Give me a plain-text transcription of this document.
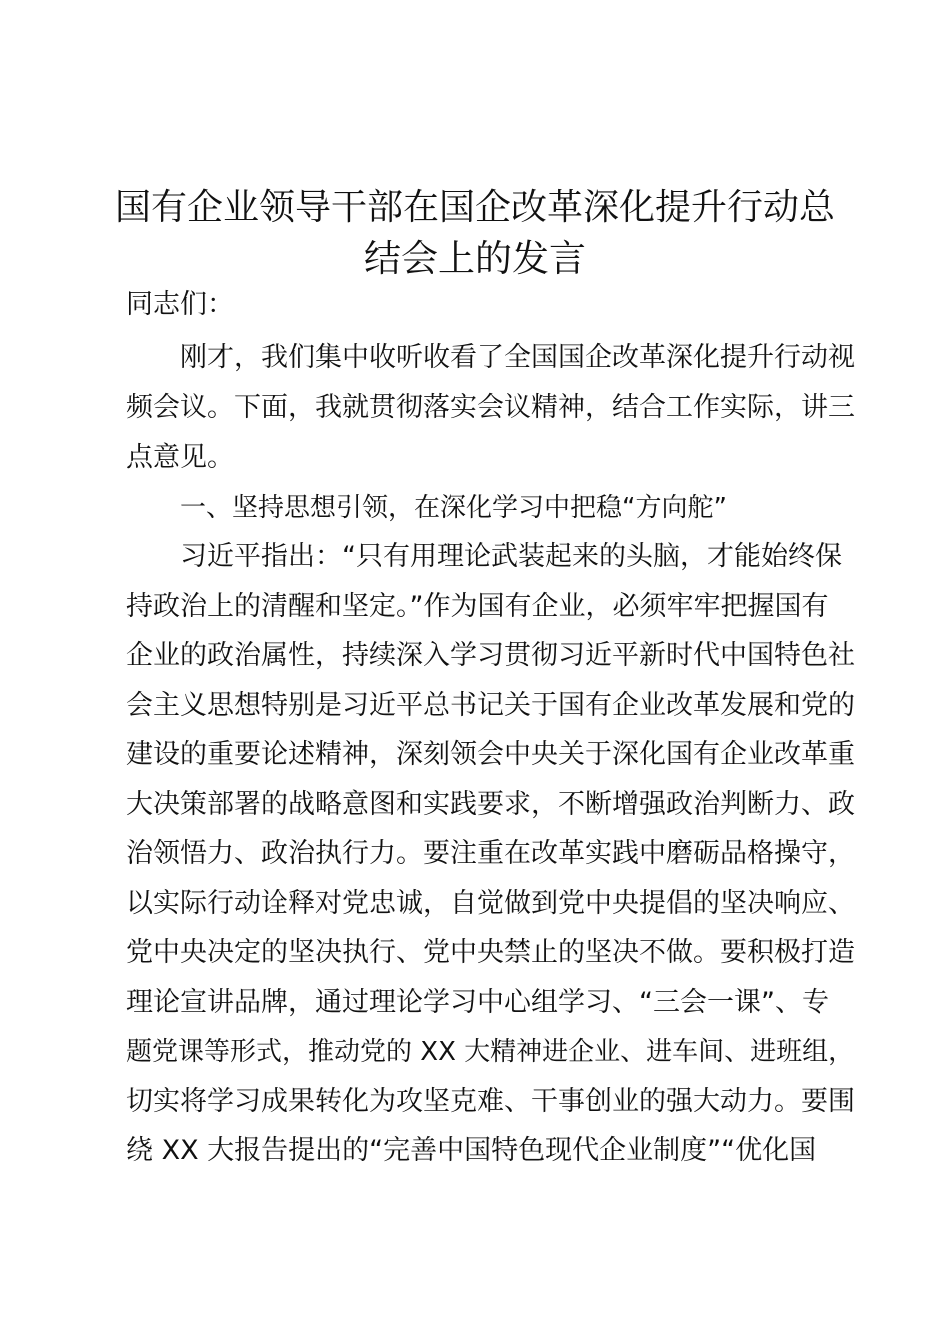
国有企业领导干部在国企改革深化提升行动总
结会上的发言
同志们：
刚才，我们集中收听收看了全国国企改革深化提升行动视
频会议。下面，我就贯彻落实会议精神，结合工作实际，讲三
点意见。
一、坚持思想引领，在深化学习中把稳“方向舵”
习近平指出：“只有用理论武装起来的头脑，才能始终保
持政治上的清醒和坚定。”作为国有企业，必须牢牢把握国有
企业的政治属性，持续深入学习贯彻习近平新时代中国特色社
会主义思想特别是习近平总书记关于国有企业改革发展和党的
建设的重要论述精神，深刻领会中央关于深化国有企业改革重
大决策部署的战略意图和实践要求，不断增强政治判断力、政
治领悟力、政治执行力。要注重在改革实践中磨砺品格操守，
以实际行动诠释对党忠诚，自觉做到党中央提倡的坚决响应、
党中央决定的坚决执行、党中央禁止的坚决不做。要积极打造
理论宣讲品牌，通过理论学习中心组学习、“三会一课”、专
题党课等形式，推动党的 XX 大精神进企业、进车间、进班组，
切实将学习成果转化为攻坚克难、干事创业的强大动力。要围
绕 XX 大报告提出的“完善中国特色现代企业制度”“优化国
